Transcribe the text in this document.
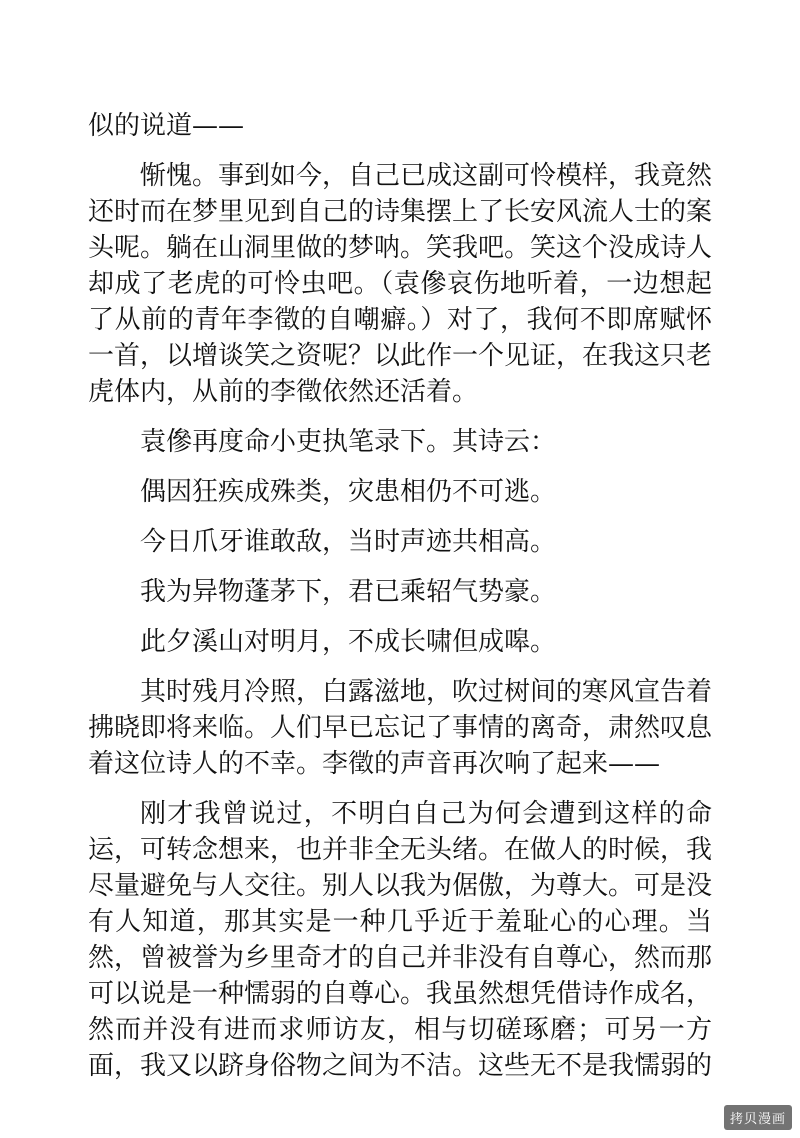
似的说道——

惭愧。事到如今，自己已成这副可怜模样，我竟然还时而在梦里见到自己的诗集摆上了长安风流人士的案头呢。躺在山洞里做的梦呐。笑我吧。笑这个没成诗人却成了老虎的可怜虫吧。（袁傪哀伤地听着，一边想起了从前的青年李徵的自嘲癖。）对了，我何不即席赋怀一首，以增谈笑之资呢？以此作一个见证，在我这只老虎体内，从前的李徵依然还活着。

袁傪再度命小吏执笔录下。其诗云：

偶因狂疾成殊类，灾患相仍不可逃。

今日爪牙谁敢敌，当时声迹共相高。

我为异物蓬茅下，君已乘轺气势豪。

此夕溪山对明月，不成长啸但成嗥。

其时残月冷照，白露滋地，吹过树间的寒风宣告着拂晓即将来临。人们早已忘记了事情的离奇，肃然叹息着这位诗人的不幸。李徵的声音再次响了起来——

刚才我曾说过，不明白自己为何会遭到这样的命运，可转念想来，也并非全无头绪。在做人的时候，我尽量避免与人交往。别人以我为倨傲，为尊大。可是没有人知道，那其实是一种几乎近于羞耻心的心理。当然，曾被誉为乡里奇才的自己并非没有自尊心，然而那可以说是一种懦弱的自尊心。我虽然想凭借诗作成名，然而并没有进而求师访友，相与切磋琢磨；可另一方面，我又以跻身俗物之间为不洁。这些无不是我懦弱的

拷贝漫画
